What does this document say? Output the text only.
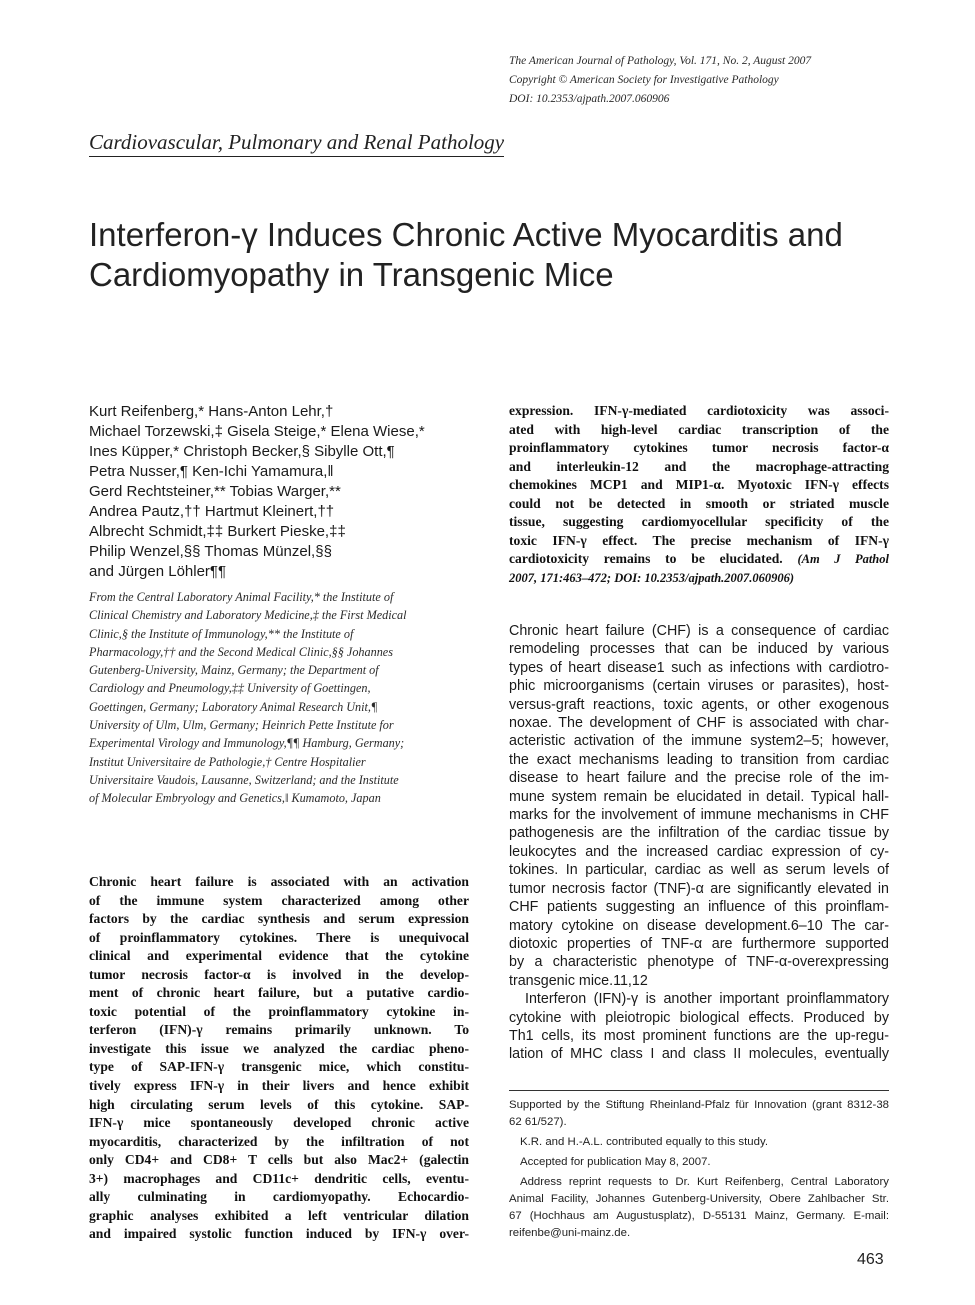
The American Journal of Pathology, Vol. 171, No. 2, August 2007
Copyright © American Society for Investigative Pathology
DOI: 10.2353/ajpath.2007.060906
Cardiovascular, Pulmonary and Renal Pathology
Interferon-γ Induces Chronic Active Myocarditis and Cardiomyopathy in Transgenic Mice
Kurt Reifenberg,* Hans-Anton Lehr,†
Michael Torzewski,‡ Gisela Steige,* Elena Wiese,*
Ines Küpper,* Christoph Becker,§ Sibylle Ott,¶
Petra Nusser,¶ Ken-Ichi Yamamura,‖
Gerd Rechtsteiner,** Tobias Warger,**
Andrea Pautz,†† Hartmut Kleinert,††
Albrecht Schmidt,‡‡ Burkert Pieske,‡‡
Philip Wenzel,§§ Thomas Münzel,§§
and Jürgen Löhler¶¶
From the Central Laboratory Animal Facility,* the Institute of
Clinical Chemistry and Laboratory Medicine,‡ the First Medical
Clinic,§ the Institute of Immunology,** the Institute of
Pharmacology,†† and the Second Medical Clinic,§§ Johannes
Gutenberg-University, Mainz, Germany; the Department of
Cardiology and Pneumology,‡‡ University of Goettingen,
Goettingen, Germany; Laboratory Animal Research Unit,¶
University of Ulm, Ulm, Germany; Heinrich Pette Institute for
Experimental Virology and Immunology,¶¶ Hamburg, Germany;
Institut Universitaire de Pathologie,† Centre Hospitalier
Universitaire Vaudois, Lausanne, Switzerland; and the Institute
of Molecular Embryology and Genetics,‖ Kumamoto, Japan
Chronic heart failure is associated with an activation
of the immune system characterized among other
factors by the cardiac synthesis and serum expression
of proinflammatory cytokines. There is unequivocal
clinical and experimental evidence that the cytokine
tumor necrosis factor-α is involved in the develop-
ment of chronic heart failure, but a putative cardio-
toxic potential of the proinflammatory cytokine in-
terferon (IFN)-γ remains primarily unknown. To
investigate this issue we analyzed the cardiac pheno-
type of SAP-IFN-γ transgenic mice, which constitu-
tively express IFN-γ in their livers and hence exhibit
high circulating serum levels of this cytokine. SAP-
IFN-γ mice spontaneously developed chronic active
myocarditis, characterized by the infiltration of not
only CD4+ and CD8+ T cells but also Mac2+ (galectin
3+) macrophages and CD11c+ dendritic cells, eventu-
ally culminating in cardiomyopathy. Echocardio-
graphic analyses exhibited a left ventricular dilation
and impaired systolic function induced by IFN-γ over-
expression. IFN-γ-mediated cardiotoxicity was associ-
ated with high-level cardiac transcription of the
proinflammatory cytokines tumor necrosis factor-α
and interleukin-12 and the macrophage-attracting
chemokines MCP1 and MIP1-α. Myotoxic IFN-γ effects
could not be detected in smooth or striated muscle
tissue, suggesting cardiomyocellular specificity of the
toxic IFN-γ effect. The precise mechanism of IFN-γ
cardiotoxicity remains to be elucidated. (Am J Pathol
2007, 171:463–472; DOI: 10.2353/ajpath.2007.060906)
Chronic heart failure (CHF) is a consequence of cardiac
remodeling processes that can be induced by various
types of heart disease1 such as infections with cardiotro-
phic microorganisms (certain viruses or parasites), host-
versus-graft reactions, toxic agents, or other exogenous
noxae. The development of CHF is associated with char-
acteristic activation of the immune system2–5; however,
the exact mechanisms leading to transition from cardiac
disease to heart failure and the precise role of the im-
mune system remain be elucidated in detail. Typical hall-
marks for the involvement of immune mechanisms in CHF
pathogenesis are the infiltration of the cardiac tissue by
leukocytes and the increased cardiac expression of cy-
tokines. In particular, cardiac as well as serum levels of
tumor necrosis factor (TNF)-α are significantly elevated in
CHF patients suggesting an influence of this proinflam-
matory cytokine on disease development.6–10 The car-
diotoxic properties of TNF-α are furthermore supported
by a characteristic phenotype of TNF-α-overexpressing
transgenic mice.11,12
Interferon (IFN)-γ is another important proinflammatory
cytokine with pleiotropic biological effects. Produced by
Th1 cells, its most prominent functions are the up-regu-
lation of MHC class I and class II molecules, eventually
Supported by the Stiftung Rheinland-Pfalz für Innovation (grant 8312-38
62 61/527).
K.R. and H.-A.L. contributed equally to this study.
Accepted for publication May 8, 2007.
Address reprint requests to Dr. Kurt Reifenberg, Central Laboratory
Animal Facility, Johannes Gutenberg-University, Obere Zahlbacher Str.
67 (Hochhaus am Augustusplatz), D-55131 Mainz, Germany. E-mail:
reifenbe@uni-mainz.de.
463
